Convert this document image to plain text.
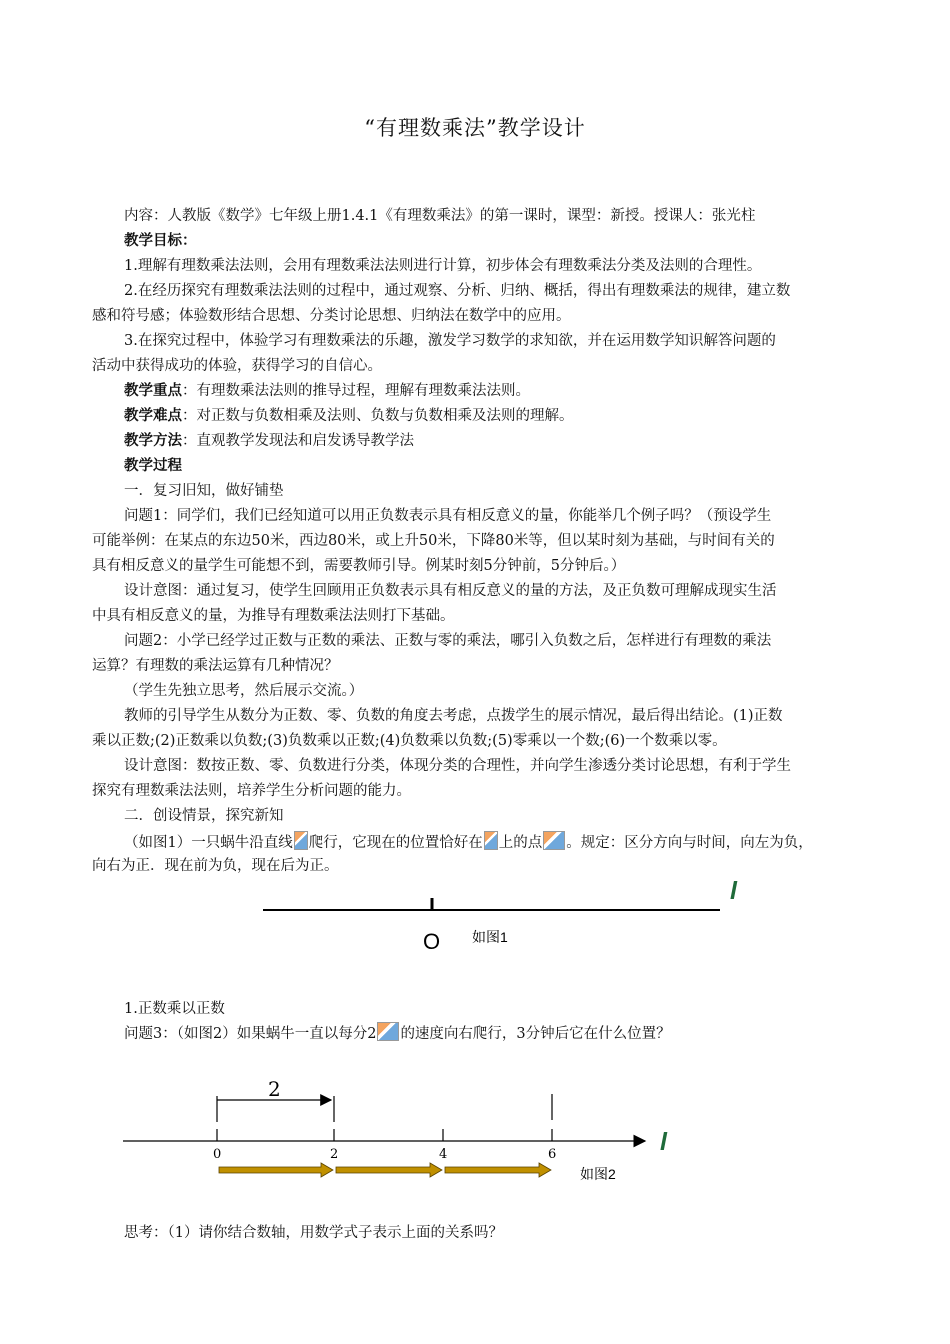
“有理数乘法”教学设计
内容：人教版《数学》七年级上册1.4.1《有理数乘法》的第一课时，课型：新授。授课人：张光柱
教学目标：
1.理解有理数乘法法则，会用有理数乘法法则进行计算，初步体会有理数乘法分类及法则的合理性。
2.在经历探究有理数乘法法则的过程中，通过观察、分析、归纳、概括，得出有理数乘法的规律，建立数
感和符号感；体验数形结合思想、分类讨论思想、归纳法在数学中的应用。
3.在探究过程中，体验学习有理数乘法的乐趣，激发学习数学的求知欲，并在运用数学知识解答问题的
活动中获得成功的体验，获得学习的自信心。
教学重点：有理数乘法法则的推导过程，理解有理数乘法法则。
教学难点：对正数与负数相乘及法则、负数与负数相乘及法则的理解。
教学方法：直观教学发现法和启发诱导教学法
教学过程
一．复习旧知，做好铺垫
问题1：同学们，我们已经知道可以用正负数表示具有相反意义的量，你能举几个例子吗？（预设学生
可能举例：在某点的东边50米，西边80米，或上升50米，下降80米等，但以某时刻为基础，与时间有关的
具有相反意义的量学生可能想不到，需要教师引导。例某时刻5分钟前，5分钟后。）
设计意图：通过复习，使学生回顾用正负数表示具有相反意义的量的方法，及正负数可理解成现实生活
中具有相反意义的量，为推导有理数乘法法则打下基础。
问题2：小学已经学过正数与正数的乘法、正数与零的乘法，哪引入负数之后，怎样进行有理数的乘法
运算？有理数的乘法运算有几种情况？
（学生先独立思考，然后展示交流。）
教师的引导学生从数分为正数、零、负数的角度去考虑，点拨学生的展示情况，最后得出结论。(1)正数
乘以正数;(2)正数乘以负数;(3)负数乘以正数;(4)负数乘以负数;(5)零乘以一个数;(6)一个数乘以零。
设计意图：数按正数、零、负数进行分类，体现分类的合理性，并向学生渗透分类讨论思想，有利于学生
探究有理数乘法法则，培养学生分析问题的能力。
二．创设情景，探究新知
（如图1）一只蜗牛沿直线 爬行，它现在的位置恰好在 上的点 。规定：区分方向与时间，向左为负，
向右为正．现在前为负，现在后为正。
l
O 如图1
1.正数乘以正数
问题3：（如图2）如果蜗牛一直以每分2 的速度向右爬行，3分钟后它在什么位置？
2
l
0	2	4	6
如图2
思考：（1）请你结合数轴，用数学式子表示上面的关系吗？
